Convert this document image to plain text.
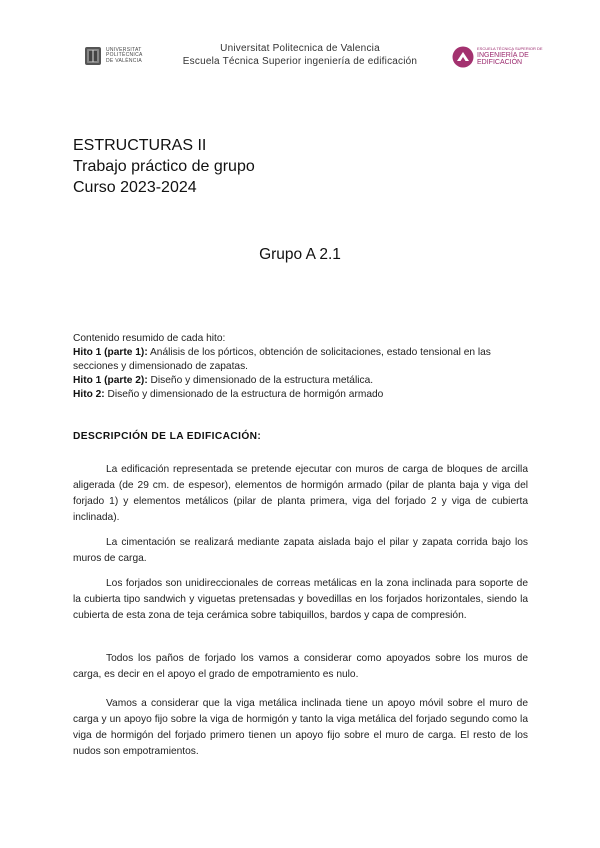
UNIVERSITAT
POLITÈCNICA
DE VALÈNCIA
Universitat Politecnica de Valencia
Escuela Técnica Superior ingeniería de edificación
ESCUELA TÉCNICA SUPERIOR DE
INGENIERÍA DE
EDIFICACIÓN
ESTRUCTURAS II
Trabajo práctico de grupo
Curso 2023-2024
Grupo A 2.1

Contenido resumido de cada hito:

Hito 1 (parte 1): Análisis de los pórticos, obtención de solicitaciones, estado tensional en las secciones y dimensionado de zapatas.

Hito 1 (parte 2): Diseño y dimensionado de la estructura metálica.

Hito 2: Diseño y dimensionado de la estructura de hormigón armado

DESCRIPCIÓN DE LA EDIFICACIÓN:

La edificación representada se pretende ejecutar con muros de carga de bloques de arcilla aligerada (de 29 cm. de espesor), elementos de hormigón armado (pilar de planta baja y viga del forjado 1) y elementos metálicos (pilar de planta primera, viga del forjado 2 y viga de cubierta inclinada).

La cimentación se realizará mediante zapata aislada bajo el pilar y zapata corrida bajo los muros de carga.

Los forjados son unidireccionales de correas metálicas en la zona inclinada para soporte de la cubierta tipo sandwich y viguetas pretensadas y bovedillas en los forjados horizontales, siendo la cubierta de esta zona de teja cerámica sobre tabiquillos, bardos y capa de compresión.

Todos los paños de forjado los vamos a considerar como apoyados sobre los muros de carga, es decir en el apoyo el grado de empotramiento es nulo.

Vamos a considerar que la viga metálica inclinada tiene un apoyo móvil sobre el muro de carga y un apoyo fijo sobre la viga de hormigón y tanto la viga metálica del forjado segundo como la viga de hormigón del forjado primero tienen un apoyo fijo sobre el muro de carga. El resto de los nudos son empotramientos.
